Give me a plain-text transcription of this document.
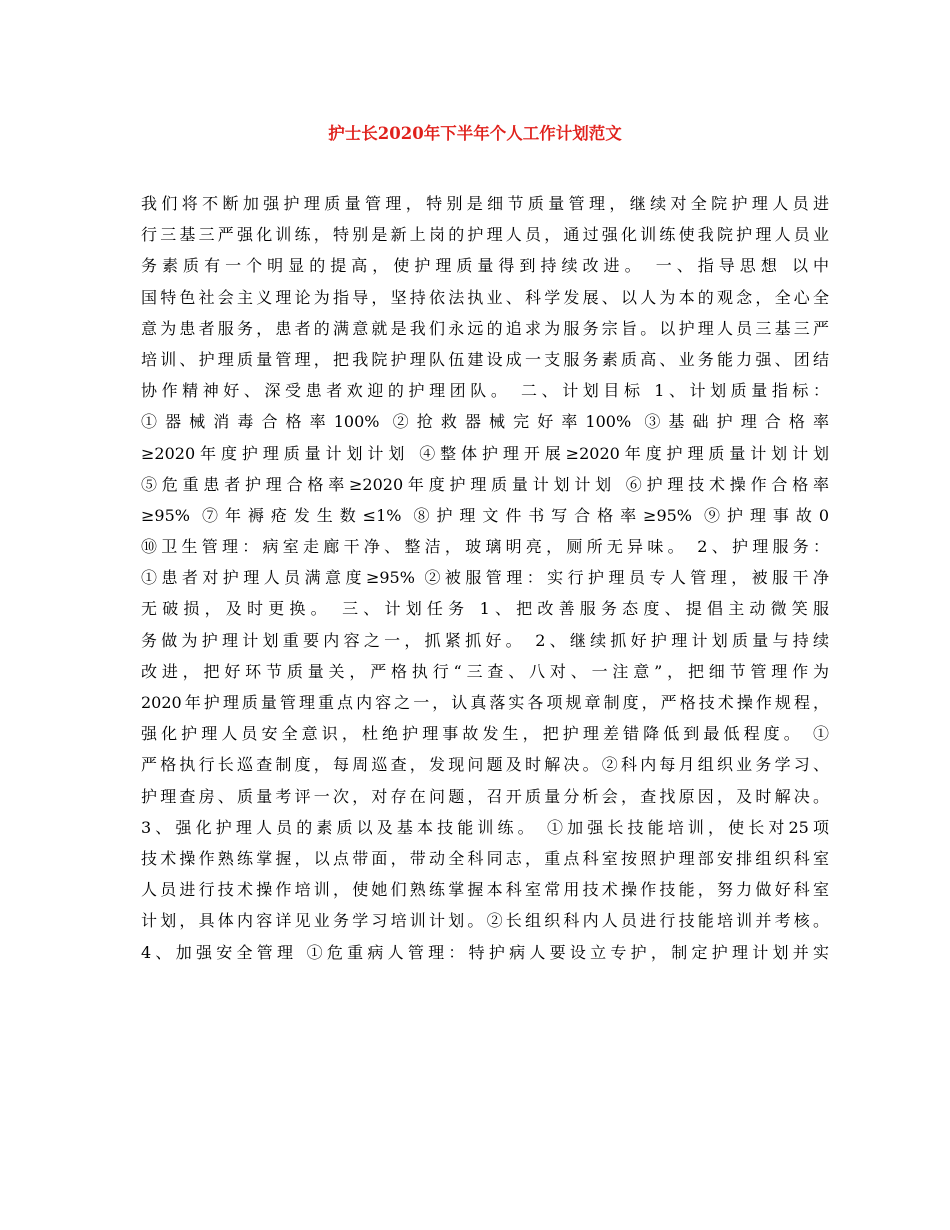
护士长2020年下半年个人工作计划范文
我们将不断加强护理质量管理，特别是细节质量管理，继续对全院护理人员进
行三基三严强化训练，特别是新上岗的护理人员，通过强化训练使我院护理人员业
务素质有一个明显的提高，使护理质量得到持续改进。 一、指导思想 以中
国特色社会主义理论为指导，坚持依法执业、科学发展、以人为本的观念，全心全
意为患者服务，患者的满意就是我们永远的追求为服务宗旨。以护理人员三基三严
培训、护理质量管理，把我院护理队伍建设成一支服务素质高、业务能力强、团结
协作精神好、深受患者欢迎的护理团队。 二、计划目标 1、计划质量指标：
①器械消毒合格率100% ②抢救器械完好率100% ③基础护理合格率
≥2020年度护理质量计划计划 ④整体护理开展≥2020年度护理质量计划计划
⑤危重患者护理合格率≥2020年度护理质量计划计划 ⑥护理技术操作合格率
≥95% ⑦年褥疮发生数≤1% ⑧护理文件书写合格率≥95% ⑨护理事故0
⑩卫生管理：病室走廊干净、整洁，玻璃明亮，厕所无异味。 2、护理服务：
①患者对护理人员满意度≥95% ②被服管理：实行护理员专人管理，被服干净
无破损，及时更换。 三、计划任务 1、把改善服务态度、提倡主动微笑服
务做为护理计划重要内容之一，抓紧抓好。 2、继续抓好护理计划质量与持续
改进，把好环节质量关，严格执行“三查、八对、一注意”，把细节管理作为
2020年护理质量管理重点内容之一，认真落实各项规章制度，严格技术操作规程，
强化护理人员安全意识，杜绝护理事故发生，把护理差错降低到最低程度。 ①
严格执行长巡查制度，每周巡查，发现问题及时解决。②科内每月组织业务学习、
护理查房、质量考评一次，对存在问题，召开质量分析会，查找原因，及时解决。
3、强化护理人员的素质以及基本技能训练。 ①加强长技能培训，使长对25项
技术操作熟练掌握，以点带面，带动全科同志，重点科室按照护理部安排组织科室
人员进行技术操作培训，使她们熟练掌握本科室常用技术操作技能，努力做好科室
计划，具体内容详见业务学习培训计划。②长组织科内人员进行技能培训并考核。
4、加强安全管理 ①危重病人管理：特护病人要设立专护，制定护理计划并实
